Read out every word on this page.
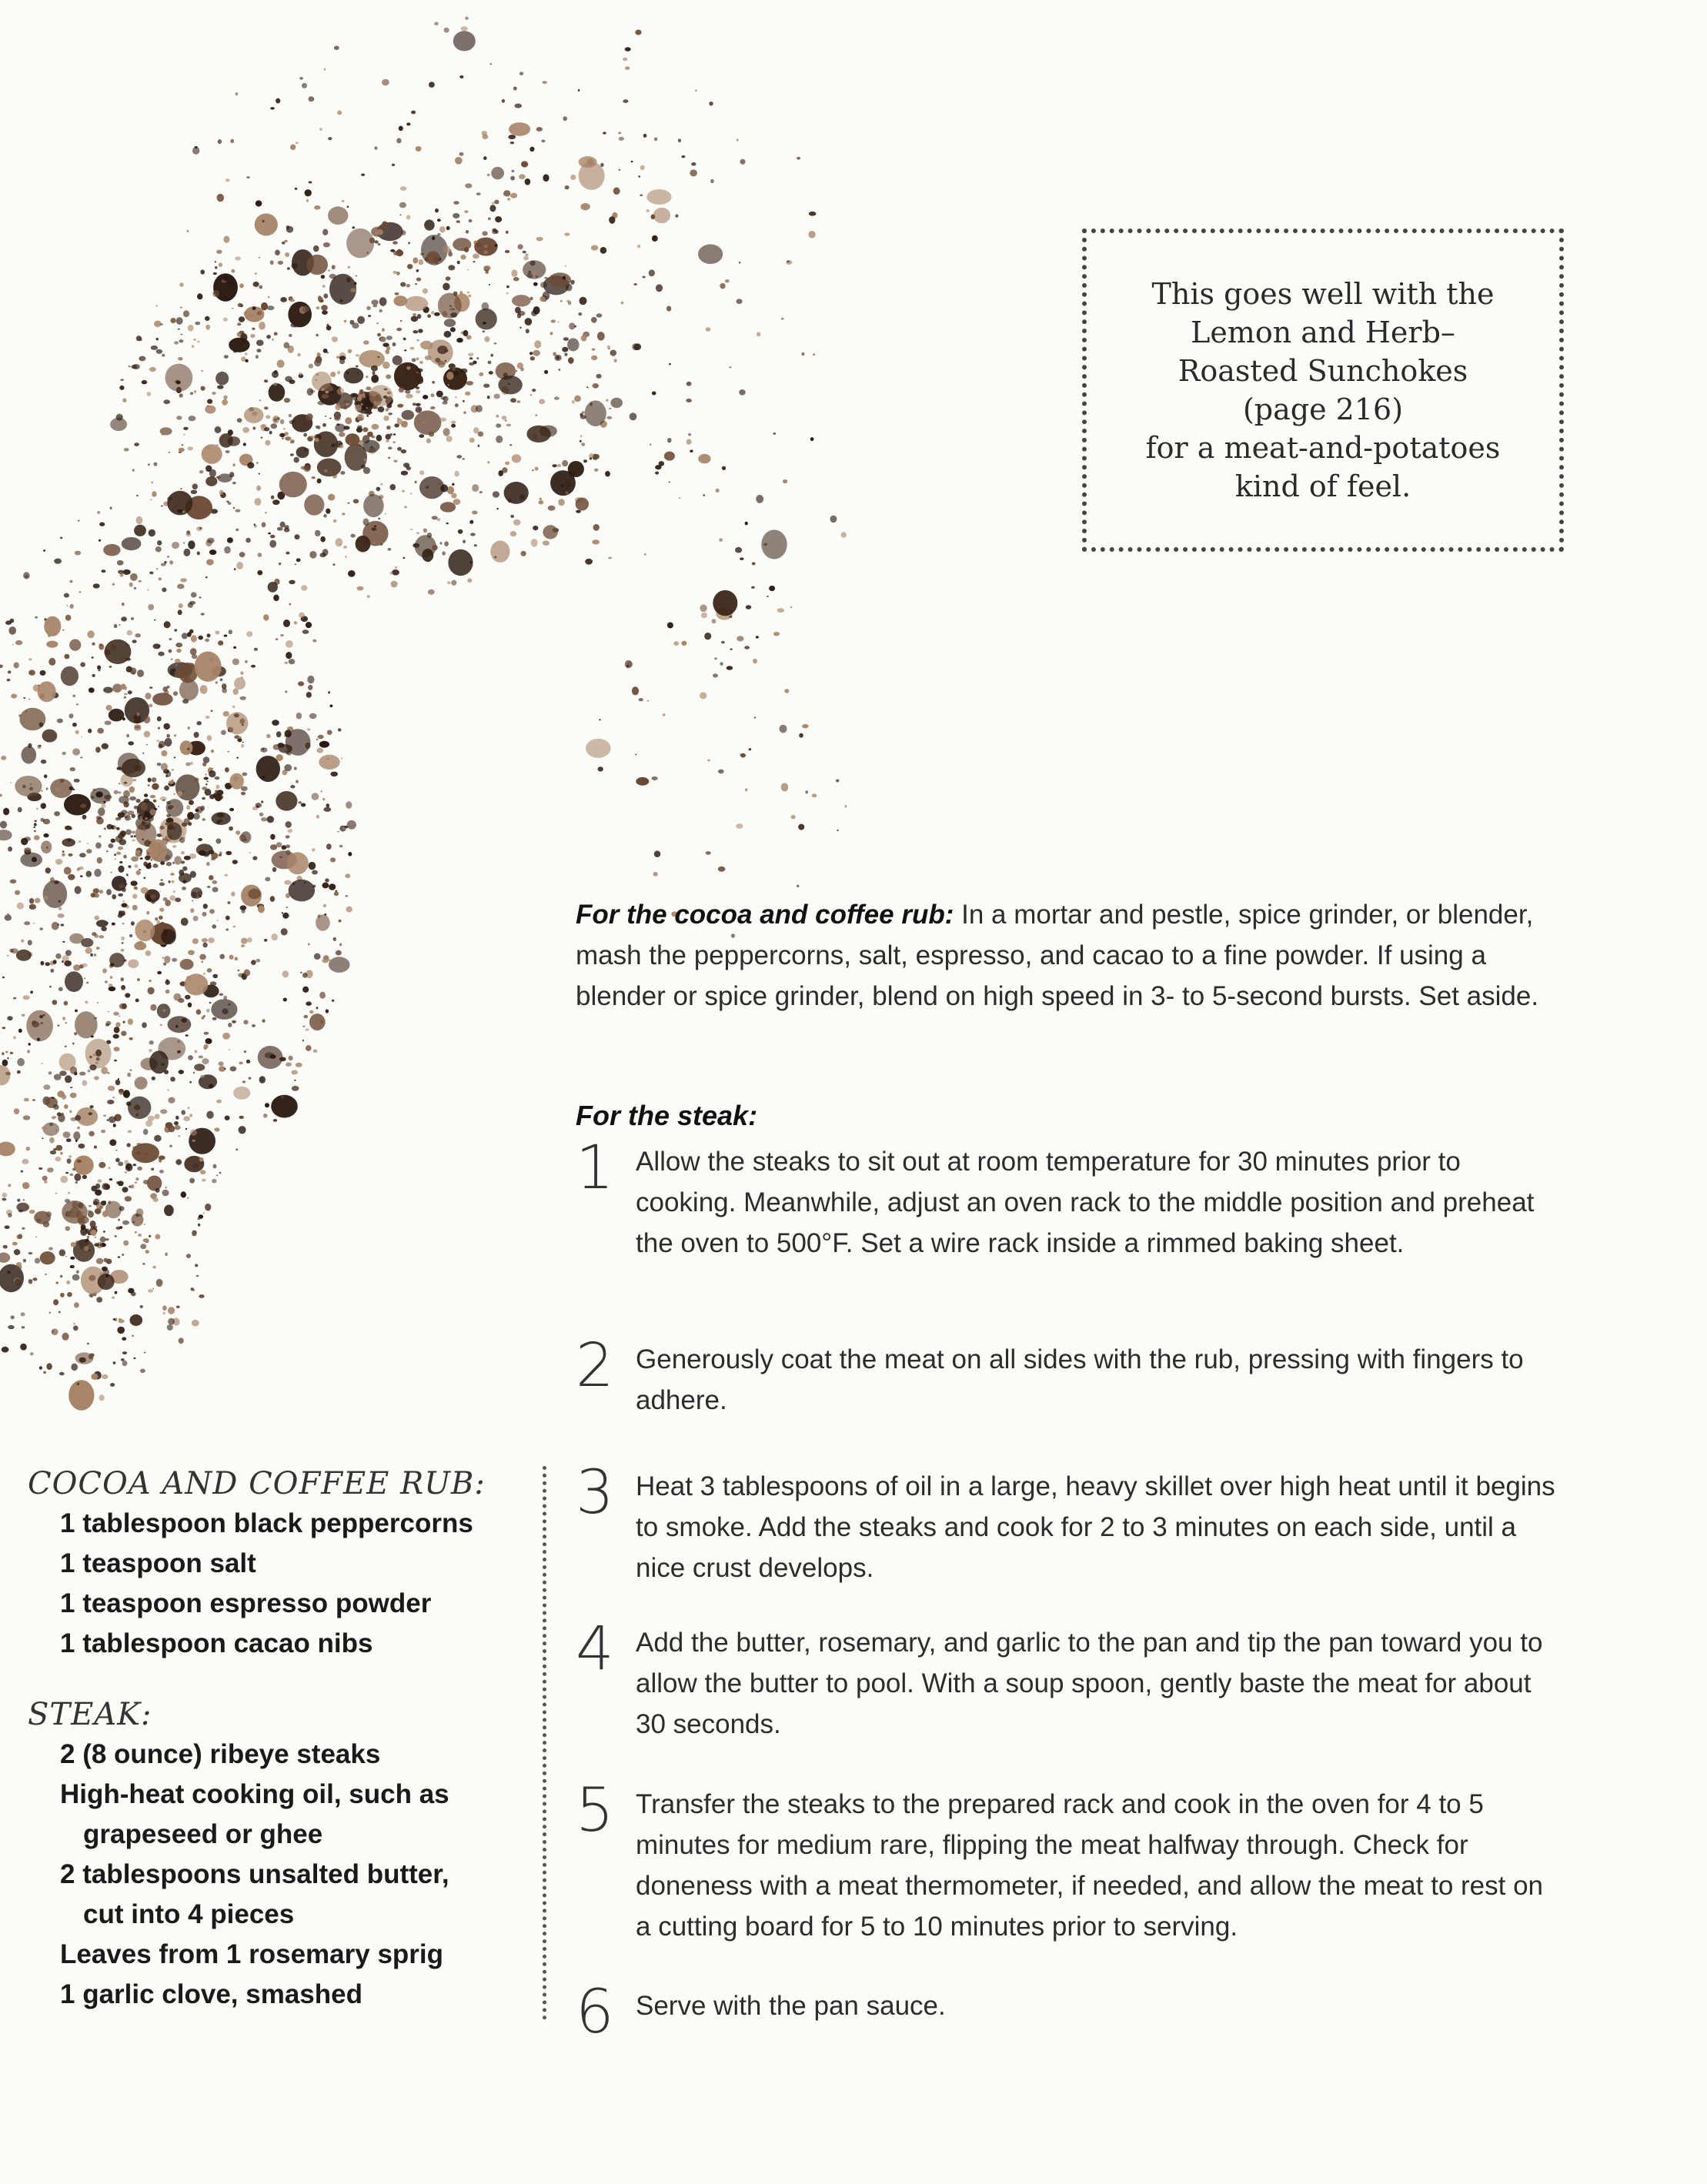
This goes well with the
Lemon and Herb–
Roasted Sunchokes
(page 216)
for a meat-and-potatoes
kind of feel.

For the cocoa and coffee rub: In a mortar and pestle, spice grinder, or blender, mash the peppercorns, salt, espresso, and cacao to a fine powder. If using a blender or spice grinder, blend on high speed in 3- to 5-second bursts. Set aside.

For the steak:
1 Allow the steaks to sit out at room temperature for 30 minutes prior to cooking. Meanwhile, adjust an oven rack to the middle position and preheat the oven to 500°F. Set a wire rack inside a rimmed baking sheet.
2 Generously coat the meat on all sides with the rub, pressing with fingers to adhere.
3 Heat 3 tablespoons of oil in a large, heavy skillet over high heat until it begins to smoke. Add the steaks and cook for 2 to 3 minutes on each side, until a nice crust develops.
4 Add the butter, rosemary, and garlic to the pan and tip the pan toward you to allow the butter to pool. With a soup spoon, gently baste the meat for about 30 seconds.
5 Transfer the steaks to the prepared rack and cook in the oven for 4 to 5 minutes for medium rare, flipping the meat halfway through. Check for doneness with a meat thermometer, if needed, and allow the meat to rest on a cutting board for 5 to 10 minutes prior to serving.
6 Serve with the pan sauce.

COCOA AND COFFEE RUB:

1 tablespoon black peppercorns
1 teaspoon salt
1 teaspoon espresso powder
1 tablespoon cacao nibs

STEAK:

2 (8 ounce) ribeye steaks
High-heat cooking oil, such as
grapeseed or ghee
2 tablespoons unsalted butter,
cut into 4 pieces
Leaves from 1 rosemary sprig
1 garlic clove, smashed
